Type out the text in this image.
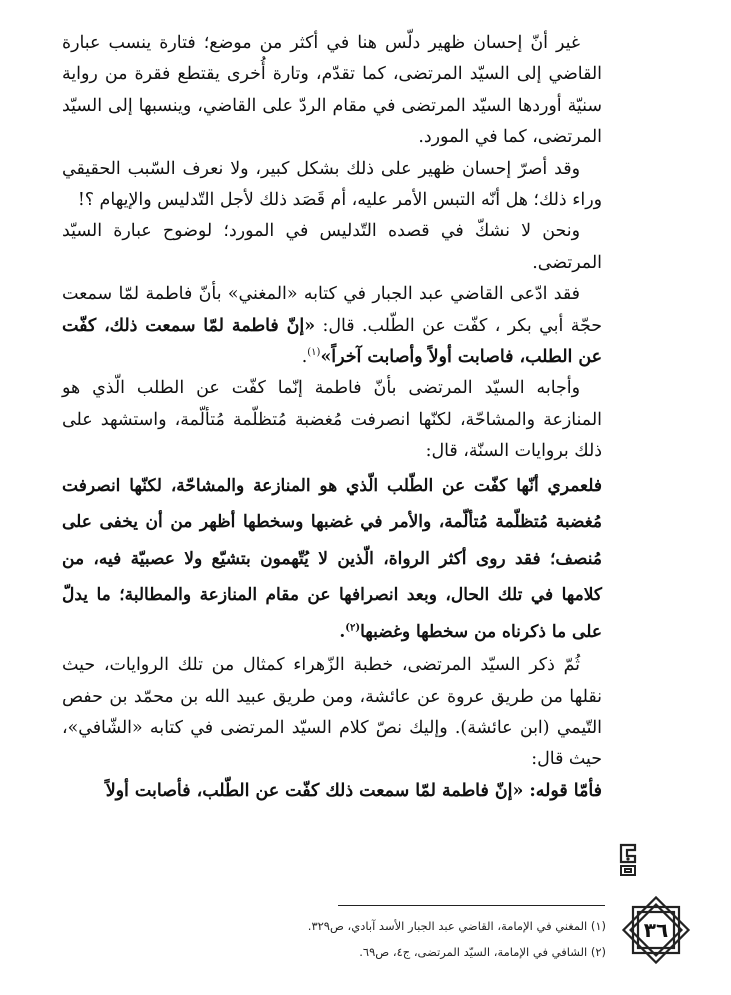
غير أنّ إحسان ظهير دلّس هنا في أكثر من موضع؛ فتارة ينسب عبارة القاضي إلى السيّد المرتضى، كما تقدّم، وتارة أُخرى يقتطع فقرة من رواية سنيّة أوردها السيّد المرتضى في مقام الردّ على القاضي، وينسبها إلى السيّد المرتضى، كما في المورد.

وقد أصرّ إحسان ظهير على ذلك بشكل كبير، ولا نعرف السّبب الحقيقي وراء ذلك؛ هل أنّه التبس الأمر عليه، أم قَصَد ذلك لأجل التّدليس والإيهام ؟!

ونحن لا نشكّ في قصده التّدليس في المورد؛ لوضوح عبارة السيّد المرتضى.

فقد ادّعى القاضي عبد الجبار في كتابه «المغني» بأنّ فاطمة لمّا سمعت حجّة أبي بكر ، كفّت عن الطّلب. قال: «إنّ فاطمة لمّا سمعت ذلك، كفّت عن الطلب، فاصابت أولاً وأصابت آخراً»$^{(١)}$.

وأجابه السيّد المرتضى بأنّ فاطمة إنّما كفّت عن الطلب الّذي هو المنازعة والمشاحّة، لكنّها انصرفت مُغضبة مُتظلّمة مُتألّمة، واستشهد على ذلك بروايات السنّة، قال:

فلعمري أنّها كفّت عن الطّلب الّذي هو المنازعة والمشاحّة، لكنّها انصرفت مُغضبة مُتظلّمة مُتألّمة، والأمر في غضبها وسخطها أظهر من أن يخفى على مُنصف؛ فقد روى أكثر الرواة، الّذين لا يُتّهمون بتشيّع ولا عصبيّة فيه، من كلامها في تلك الحال، وبعد انصرافها عن مقام المنازعة والمطالبة؛ ما يدلّ على ما ذكرناه من سخطها وغضبها$^{(٢)}$.

ثُمّ ذكر السيّد المرتضى، خطبة الزّهراء كمثال من تلك الروايات، حيث نقلها من طريق عروة عن عائشة، ومن طريق عبيد الله بن محمّد بن حفص التّيمي (ابن عائشة). وإليك نصّ كلام السيّد المرتضى في كتابه «الشّافي»، حيث قال:

فأمّا قوله: «إنّ فاطمة لمّا سمعت ذلك كفّت عن الطّلب، فأصابت أولاً

(١) المغني في الإمامة، القاضي عبد الجبار الأسد آبادي، ص٣٢٩.
(٢) الشافي في الإمامة، السيّد المرتضى، ج٤، ص٦٩.
٣٦
